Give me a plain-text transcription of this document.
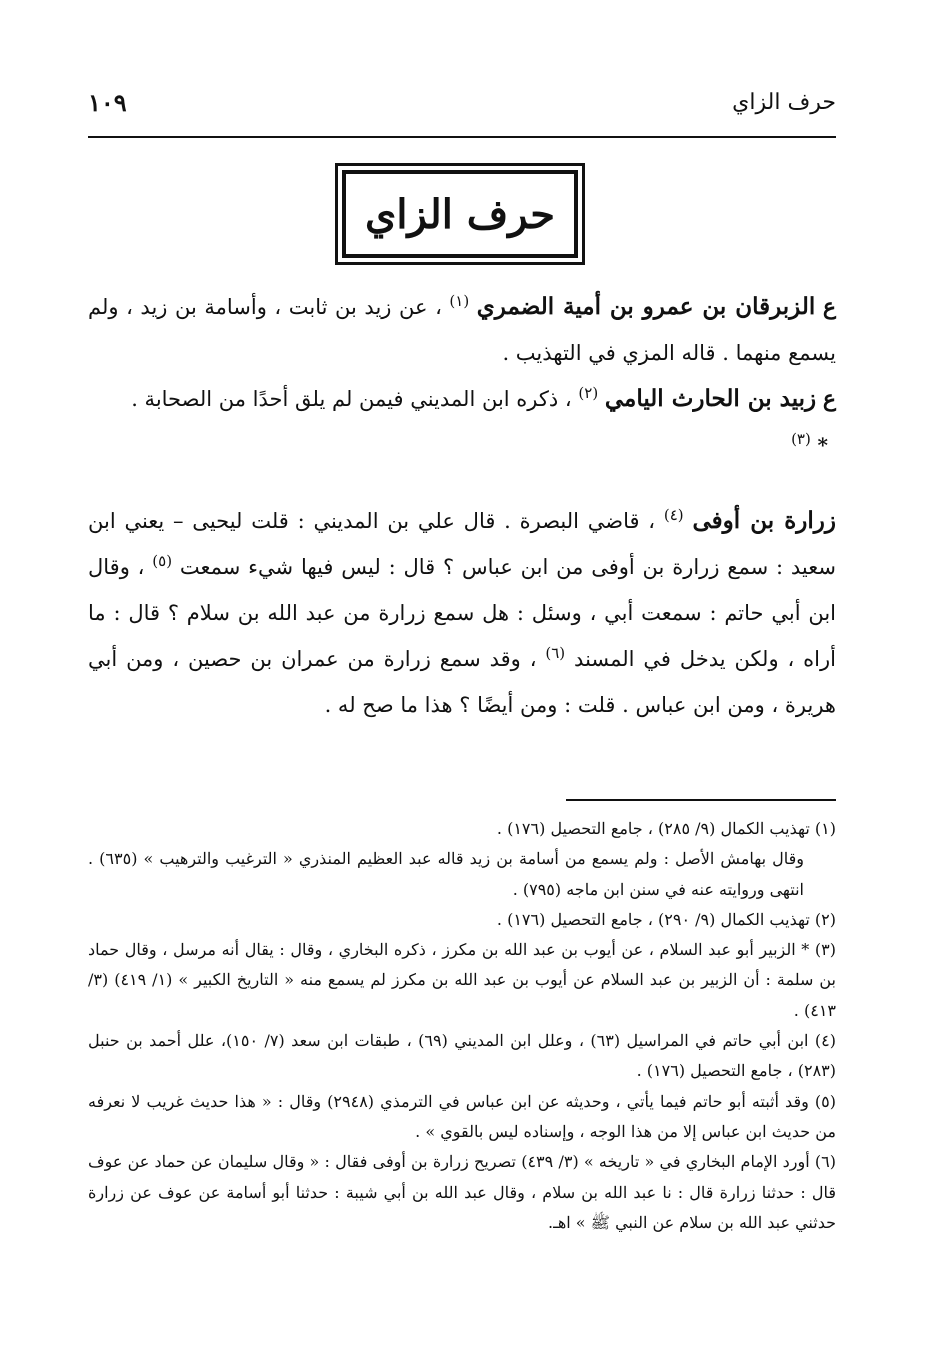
حرف الزاي
١٠٩
حرف الزاي

ع الزبرقان بن عمرو بن أمية الضمري $^{(١)}$ ، عن زيد بن ثابت ، وأسامة بن زيد ، ولم يسمع منهما . قاله المزي في التهذيب .

ع زبيد بن الحارث اليامي $^{(٢)}$ ، ذكره ابن المديني فيمن لم يلق أحدًا من الصحابة .

* $^{(٣)}$

زرارة بن أوفى $^{(٤)}$ ، قاضي البصرة . قال علي بن المديني : قلت ليحيى – يعني ابن سعيد : سمع زرارة بن أوفى من ابن عباس ؟ قال : ليس فيها شيء سمعت $^{(٥)}$ ، وقال ابن أبي حاتم : سمعت أبي ، وسئل : هل سمع زرارة من عبد الله بن سلام ؟ قال : ما أراه ، ولكن يدخل في المسند $^{(٦)}$ ، وقد سمع زرارة من عمران بن حصين ، ومن أبي هريرة ، ومن ابن عباس . قلت : ومن أيضًا ؟ هذا ما صح له .

(١) تهذيب الكمال (٩/ ٢٨٥) ، جامع التحصيل (١٧٦) .

وقال بهامش الأصل : ولم يسمع من أسامة بن زيد قاله عبد العظيم المنذري « الترغيب والترهيب » (٦٣٥) . انتهى وروايته عنه في سنن ابن ماجه (٧٩٥) .

(٢) تهذيب الكمال (٩/ ٢٩٠) ، جامع التحصيل (١٧٦) .

(٣) * الزبير أبو عبد السلام ، عن أيوب بن عبد الله بن مكرز ، ذكره البخاري ، وقال : يقال أنه مرسل ، وقال حماد بن سلمة : أن الزبير بن عبد السلام عن أيوب بن عبد الله بن مكرز لم يسمع منه « التاريخ الكبير » (١/ ٤١٩) (٣/ ٤١٣) .

(٤) ابن أبي حاتم في المراسيل (٦٣) ، وعلل ابن المديني (٦٩) ، طبقات ابن سعد (٧/ ١٥٠)، علل أحمد بن حنبل (٢٨٣) ، جامع التحصيل (١٧٦) .

(٥) وقد أثبته أبو حاتم فيما يأتي ، وحديثه عن ابن عباس في الترمذي (٢٩٤٨) وقال : « هذا حديث غريب لا نعرفه من حديث ابن عباس إلا من هذا الوجه ، وإسناده ليس بالقوي » .

(٦) أورد الإمام البخاري في « تاريخه » (٣/ ٤٣٩) تصريح زرارة بن أوفى فقال : « وقال سليمان عن حماد عن عوف قال : حدثنا زرارة قال : نا عبد الله بن سلام ، وقال عبد الله بن أبي شيبة : حدثنا أبو أسامة عن عوف عن زرارة حدثني عبد الله بن سلام عن النبي ﷺ » اهـ.
